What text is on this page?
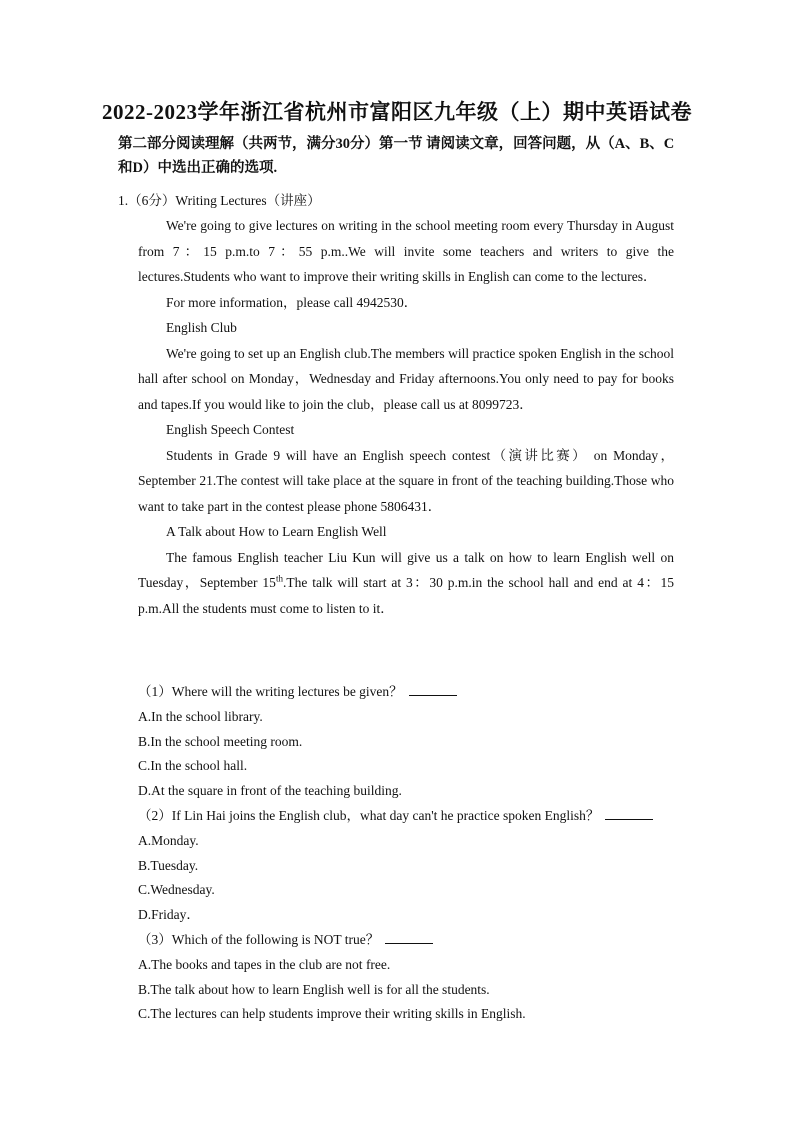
2022-2023学年浙江省杭州市富阳区九年级（上）期中英语试卷
第二部分阅读理解（共两节，满分30分）第一节 请阅读文章，回答问题，从（A、B、C和D）中选出正确的选项.
1.（6分）Writing Lectures（讲座）

We're going to give lectures on writing in the school meeting room every Thursday in August from 7：15 p.m.to 7：55 p.m..We will invite some teachers and writers to give the lectures.Students who want to improve their writing skills in English can come to the lectures．

For more information，please call 4942530．

English Club

We're going to set up an English club.The members will practice spoken English in the school hall after school on Monday，Wednesday and Friday afternoons.You only need to pay for books and tapes.If you would like to join the club，please call us at 8099723．

English Speech Contest

Students in Grade 9 will have an English speech contest（演讲比赛） on Monday，September 21.The contest will take place at the square in front of the teaching building.Those who want to take part in the contest please phone 5806431．

A Talk about How to Learn English Well

The famous English teacher Liu Kun will give us a talk on how to learn English well on Tuesday，September 15th.The talk will start at 3：30 p.m.in the school hall and end at 4：15 p.m.All the students must come to listen to it．

（1）Where will the writing lectures be given？

A.In the school library.

B.In the school meeting room.

C.In the school hall.

D.At the square in front of the teaching building.

（2）If Lin Hai joins the English club，what day can't he practice spoken English？

A.Monday.

B.Tuesday.

C.Wednesday.

D.Friday．

（3）Which of the following is NOT true？

A.The books and tapes in the club are not free.

B.The talk about how to learn English well is for all the students.

C.The lectures can help students improve their writing skills in English.
